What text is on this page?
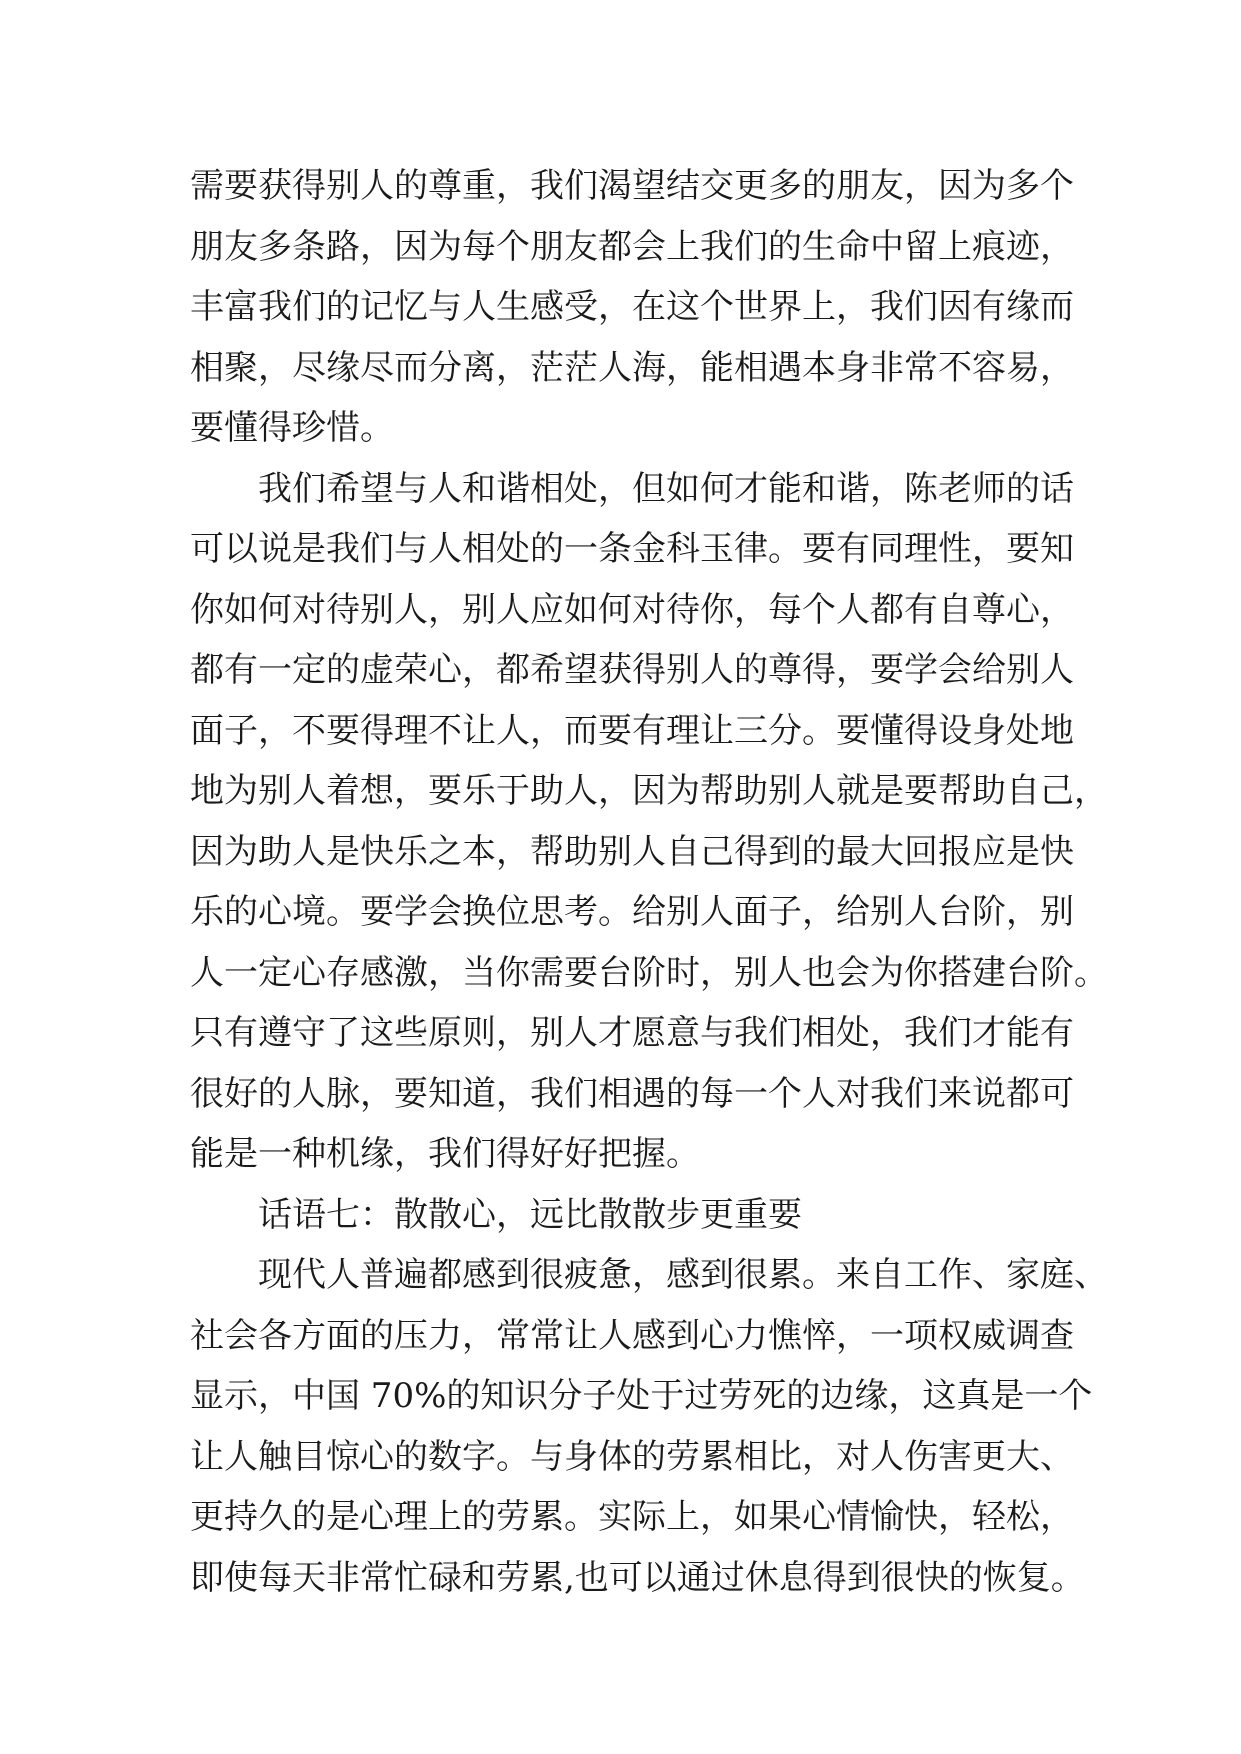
需要获得别人的尊重，我们渴望结交更多的朋友，因为多个
朋友多条路，因为每个朋友都会上我们的生命中留上痕迹，
丰富我们的记忆与人生感受，在这个世界上，我们因有缘而
相聚，尽缘尽而分离，茫茫人海，能相遇本身非常不容易，
要懂得珍惜。
我们希望与人和谐相处，但如何才能和谐，陈老师的话
可以说是我们与人相处的一条金科玉律。要有同理性，要知
你如何对待别人，别人应如何对待你，每个人都有自尊心，
都有一定的虚荣心，都希望获得别人的尊得，要学会给别人
面子，不要得理不让人，而要有理让三分。要懂得设身处地
地为别人着想，要乐于助人，因为帮助别人就是要帮助自己，
因为助人是快乐之本，帮助别人自己得到的最大回报应是快
乐的心境。要学会换位思考。给别人面子，给别人台阶，别
人一定心存感激，当你需要台阶时，别人也会为你搭建台阶。
只有遵守了这些原则，别人才愿意与我们相处，我们才能有
很好的人脉，要知道，我们相遇的每一个人对我们来说都可
能是一种机缘，我们得好好把握。
话语七：散散心，远比散散步更重要
现代人普遍都感到很疲惫，感到很累。来自工作、家庭、
社会各方面的压力，常常让人感到心力憔悴，一项权威调查
显示，中国 70%的知识分子处于过劳死的边缘，这真是一个
让人触目惊心的数字。与身体的劳累相比，对人伤害更大、
更持久的是心理上的劳累。实际上，如果心情愉快，轻松，
即使每天非常忙碌和劳累,也可以通过休息得到很快的恢复。
